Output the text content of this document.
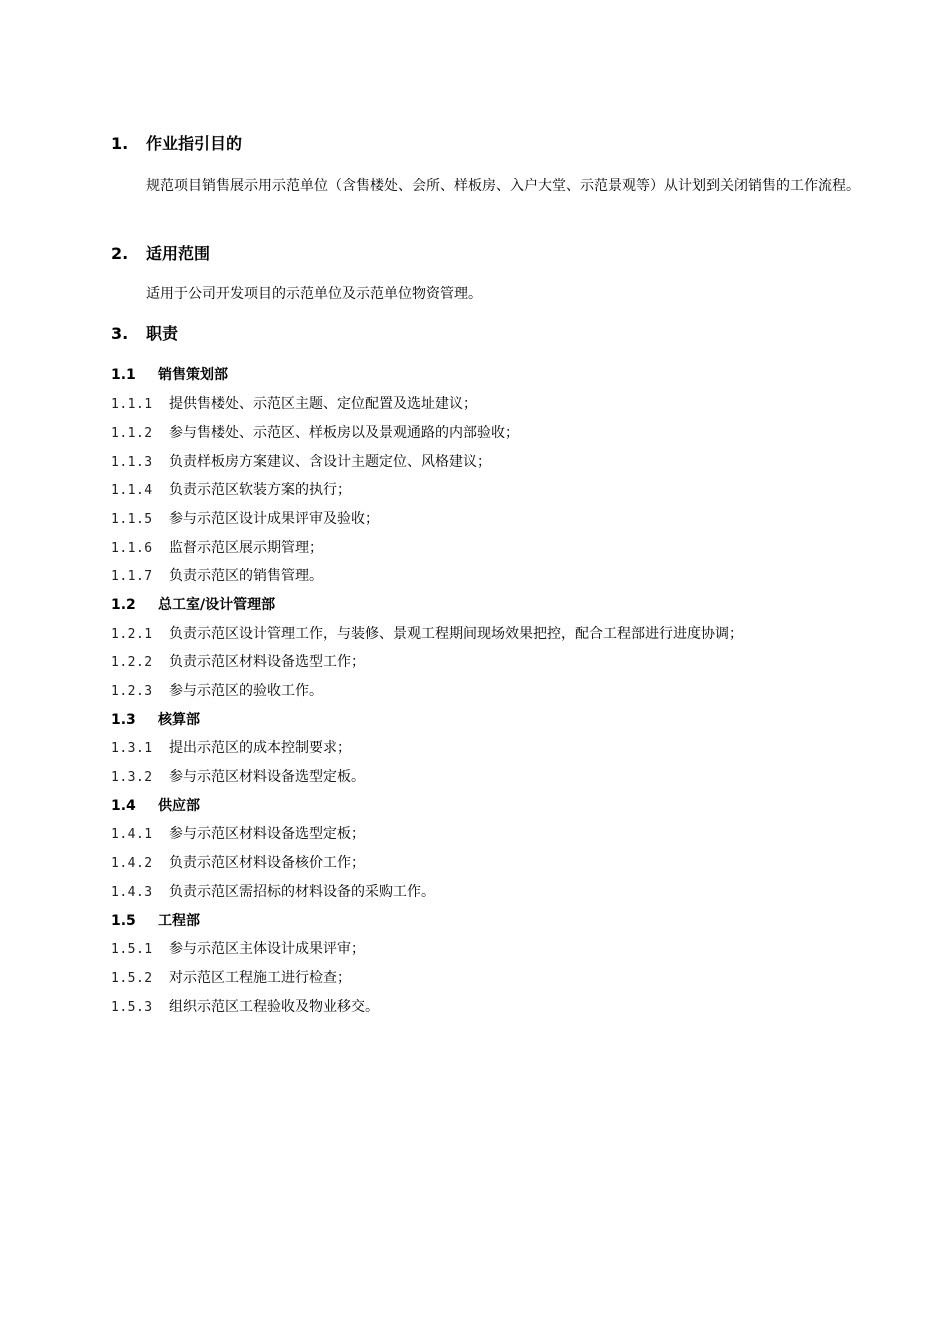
1. 作业指引目的
规范项目销售展示用示范单位（含售楼处、会所、样板房、入户大堂、示范景观等）从计划到关闭销售的工作流程。
2. 适用范围
适用于公司开发项目的示范单位及示范单位物资管理。
3. 职责
1.1 销售策划部
1.1.1 提供售楼处、示范区主题、定位配置及选址建议；
1.1.2 参与售楼处、示范区、样板房以及景观通路的内部验收；
1.1.3 负责样板房方案建议、含设计主题定位、风格建议；
1.1.4 负责示范区软装方案的执行；
1.1.5 参与示范区设计成果评审及验收；
1.1.6 监督示范区展示期管理；
1.1.7 负责示范区的销售管理。
1.2 总工室/设计管理部
1.2.1 负责示范区设计管理工作，与装修、景观工程期间现场效果把控，配合工程部进行进度协调；
1.2.2 负责示范区材料设备选型工作；
1.2.3 参与示范区的验收工作。
1.3 核算部
1.3.1 提出示范区的成本控制要求；
1.3.2 参与示范区材料设备选型定板。
1.4 供应部
1.4.1 参与示范区材料设备选型定板；
1.4.2 负责示范区材料设备核价工作；
1.4.3 负责示范区需招标的材料设备的采购工作。
1.5 工程部
1.5.1 参与示范区主体设计成果评审；
1.5.2 对示范区工程施工进行检查；
1.5.3 组织示范区工程验收及物业移交。
